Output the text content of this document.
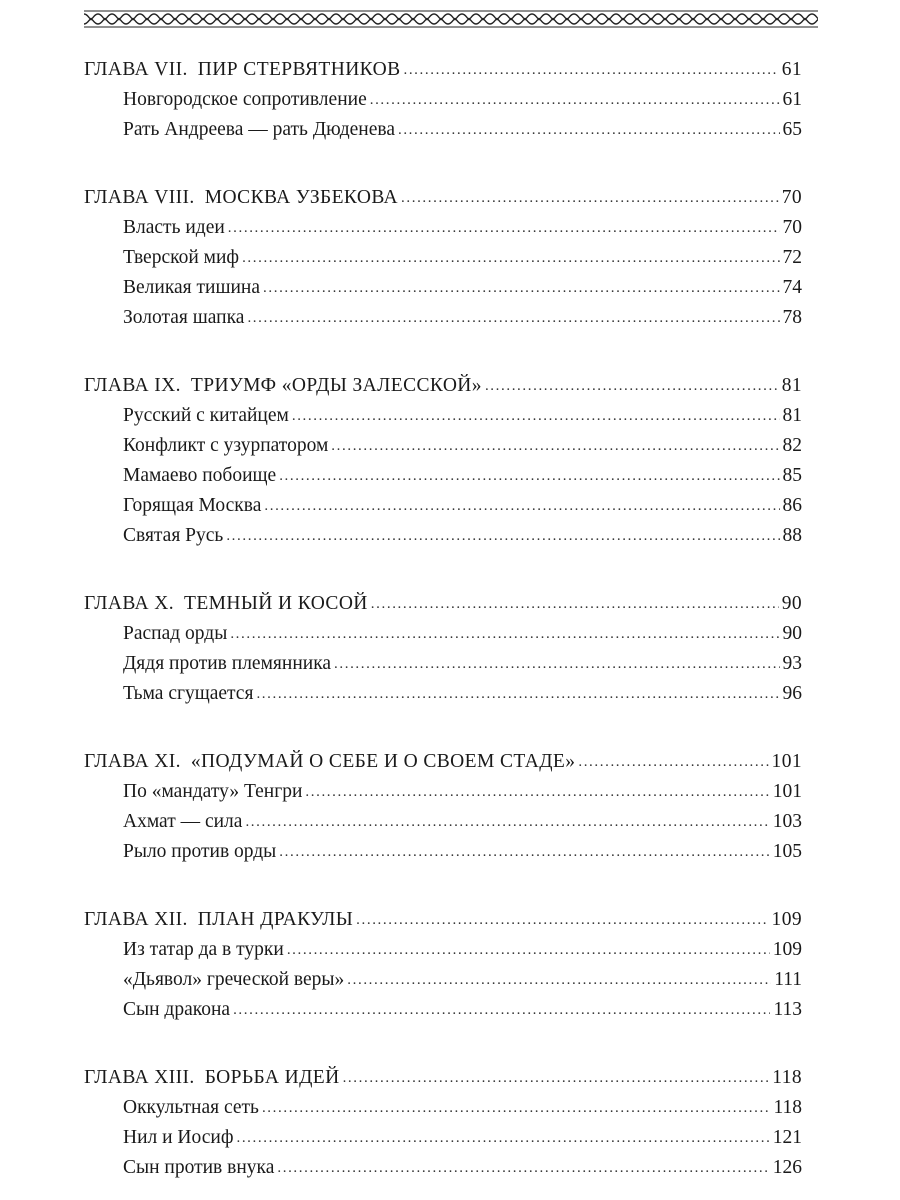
ГЛАВА VII. ПИР СТЕРВЯТНИКОВ .....	61
Новгородское сопротивление .....	61
Рать Андреева — рать Дюденева .....	65
ГЛАВА VIII. МОСКВА УЗБЕКОВА .....	70
Власть идеи .....	70
Тверской миф .....	72
Великая тишина .....	74
Золотая шапка .....	78
ГЛАВА IX. ТРИУМФ «ОРДЫ ЗАЛЕССКОЙ» .....	81
Русский с китайцем .....	81
Конфликт с узурпатором .....	82
Мамаево побоище .....	85
Горящая Москва .....	86
Святая Русь .....	88
ГЛАВА X. ТЕМНЫЙ И КОСОЙ .....	90
Распад орды .....	90
Дядя против племянника .....	93
Тьма сгущается .....	96
ГЛАВА XI. «ПОДУМАЙ О СЕБЕ И О СВОЕМ СТАДЕ» .....	101
По «мандату» Тенгри .....	101
Ахмат — сила .....	103
Рыло против орды .....	105
ГЛАВА XII. ПЛАН ДРАКУЛЫ .....	109
Из татар да в турки .....	109
«Дьявол» греческой веры» .....	111
Сын дракона .....	113
ГЛАВА XIII. БОРЬБА ИДЕЙ .....	118
Оккультная сеть .....	118
Нил и Иосиф .....	121
Сын против внука .....	126
